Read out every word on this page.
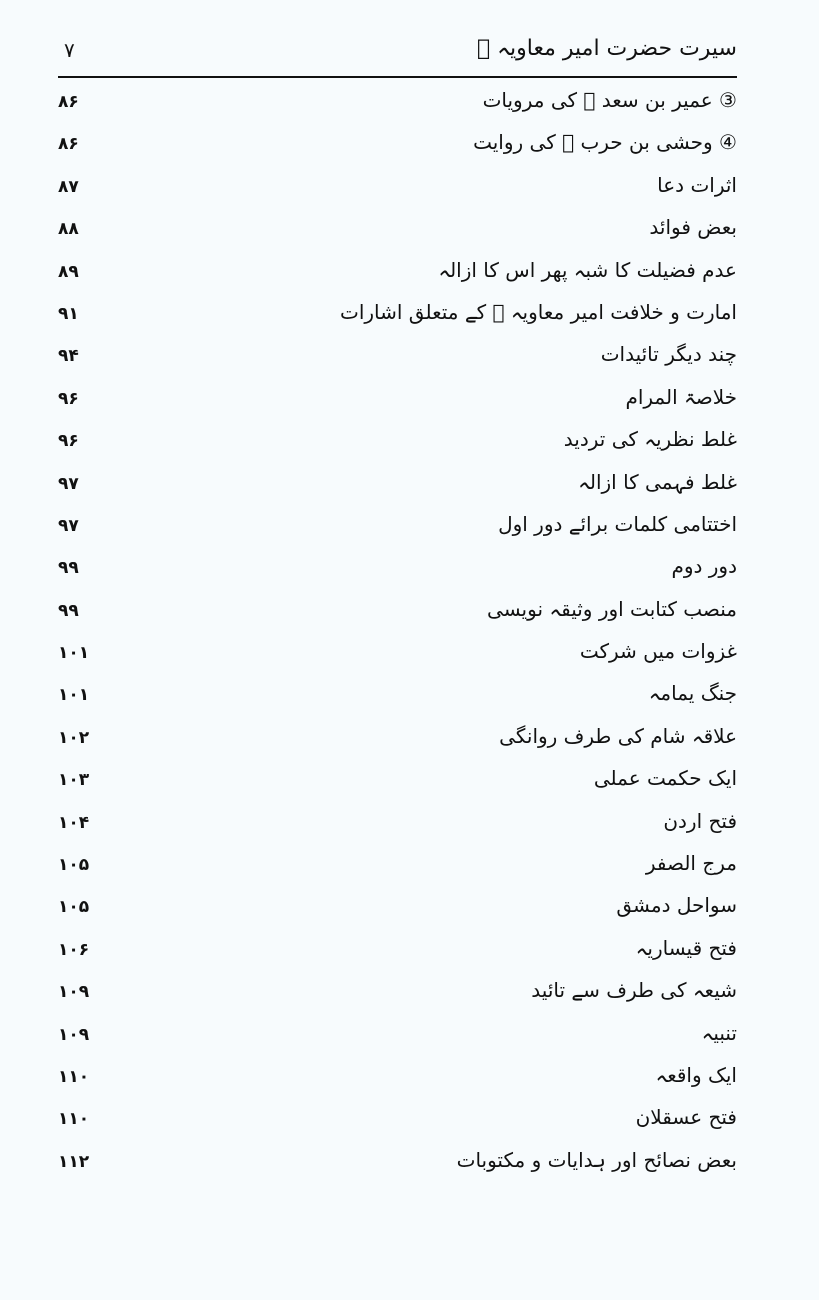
سیرت حضرت امیر معاویہ ﷜
۷
③ عمیر بن سعد ﷜ کی مرویات
۸۶
④ وحشی بن حرب ﷜ کی روایت
۸۶
اثرات دعا
۸۷
بعض فوائد
۸۸
عدم فضیلت کا شبہ پھر اس کا ازالہ
۸۹
امارت و خلافت امیر معاویہ ﷜ کے متعلق اشارات
۹۱
چند دیگر تائیدات
۹۴
خلاصۃ المرام
۹۶
غلط نظریہ کی تردید
۹۶
غلط فہمی کا ازالہ
۹۷
اختتامی کلمات برائے دور اول
۹۷
دور دوم
۹۹
منصب کتابت اور وثیقہ نویسی
۹۹
غزوات میں شرکت
۱۰۱
جنگ یمامہ
۱۰۱
علاقہ شام کی طرف روانگی
۱۰۲
ایک حکمت عملی
۱۰۳
فتح اردن
۱۰۴
مرج الصفر
۱۰۵
سواحل دمشق
۱۰۵
فتح قیساریہ
۱۰۶
شیعہ کی طرف سے تائید
۱۰۹
تنبیہ
۱۰۹
ایک واقعہ
۱۱۰
فتح عسقلان
۱۱۰
بعض نصائح اور ہدایات و مکتوبات
۱۱۲
